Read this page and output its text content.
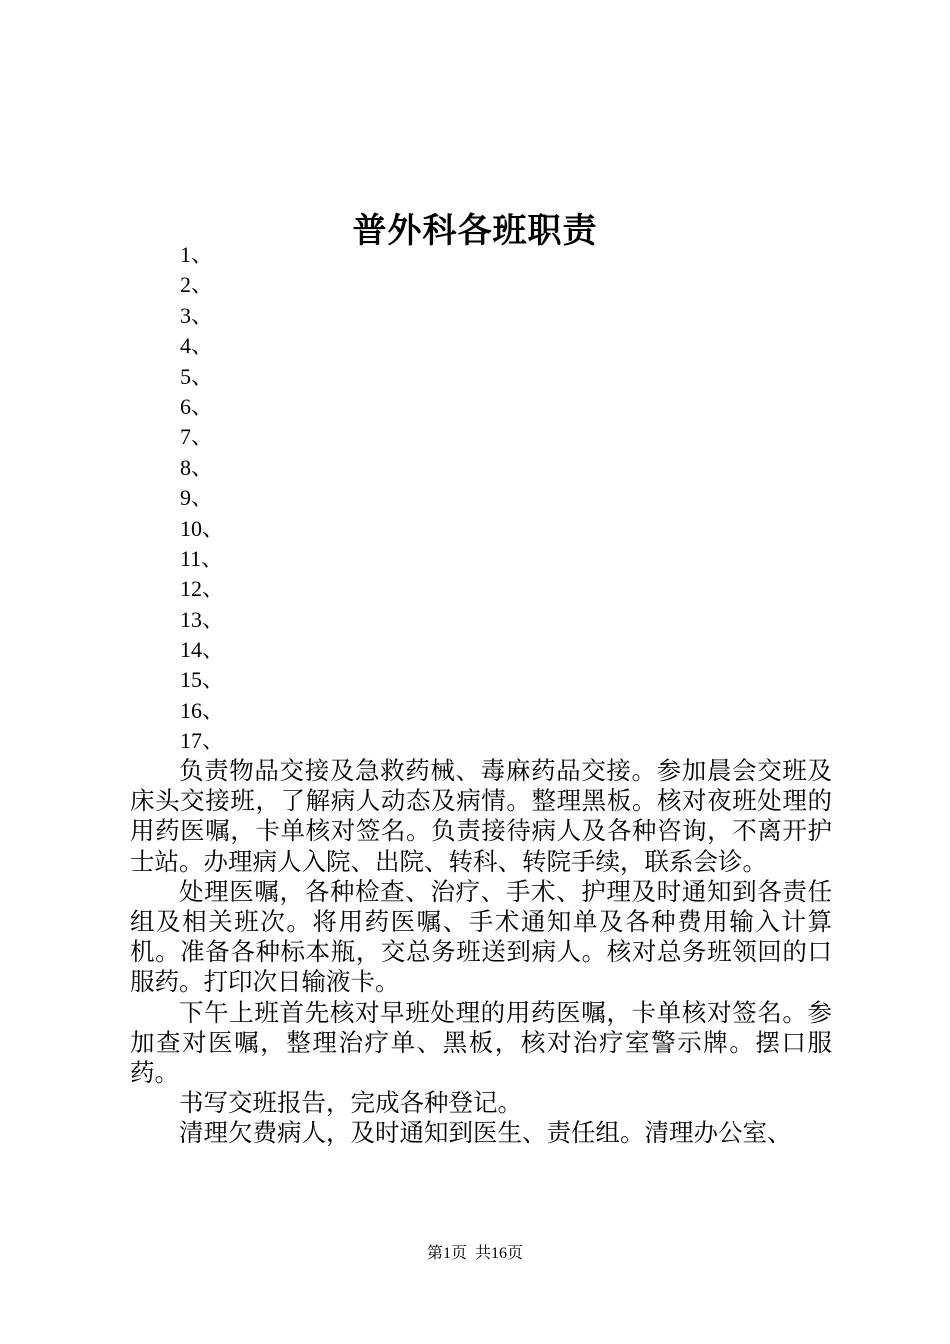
普外科各班职责
1、
2、
3、
4、
5、
6、
7、
8、
9、
10、
11、
12、
13、
14、
15、
16、
17、

负责物品交接及急救药械、毒麻药品交接。参加晨会交班及床头交接班，了解病人动态及病情。整理黑板。核对夜班处理的用药医嘱，卡单核对签名。负责接待病人及各种咨询，不离开护士站。办理病人入院、出院、转科、转院手续，联系会诊。

处理医嘱，各种检查、治疗、手术、护理及时通知到各责任组及相关班次。将用药医嘱、手术通知单及各种费用输入计算机。准备各种标本瓶，交总务班送到病人。核对总务班领回的口服药。打印次日输液卡。

下午上班首先核对早班处理的用药医嘱，卡单核对签名。参加查对医嘱，整理治疗单、黑板，核对治疗室警示牌。摆口服药。

书写交班报告，完成各种登记。

清理欠费病人，及时通知到医生、责任组。清理办公室、

第1页 共16页
